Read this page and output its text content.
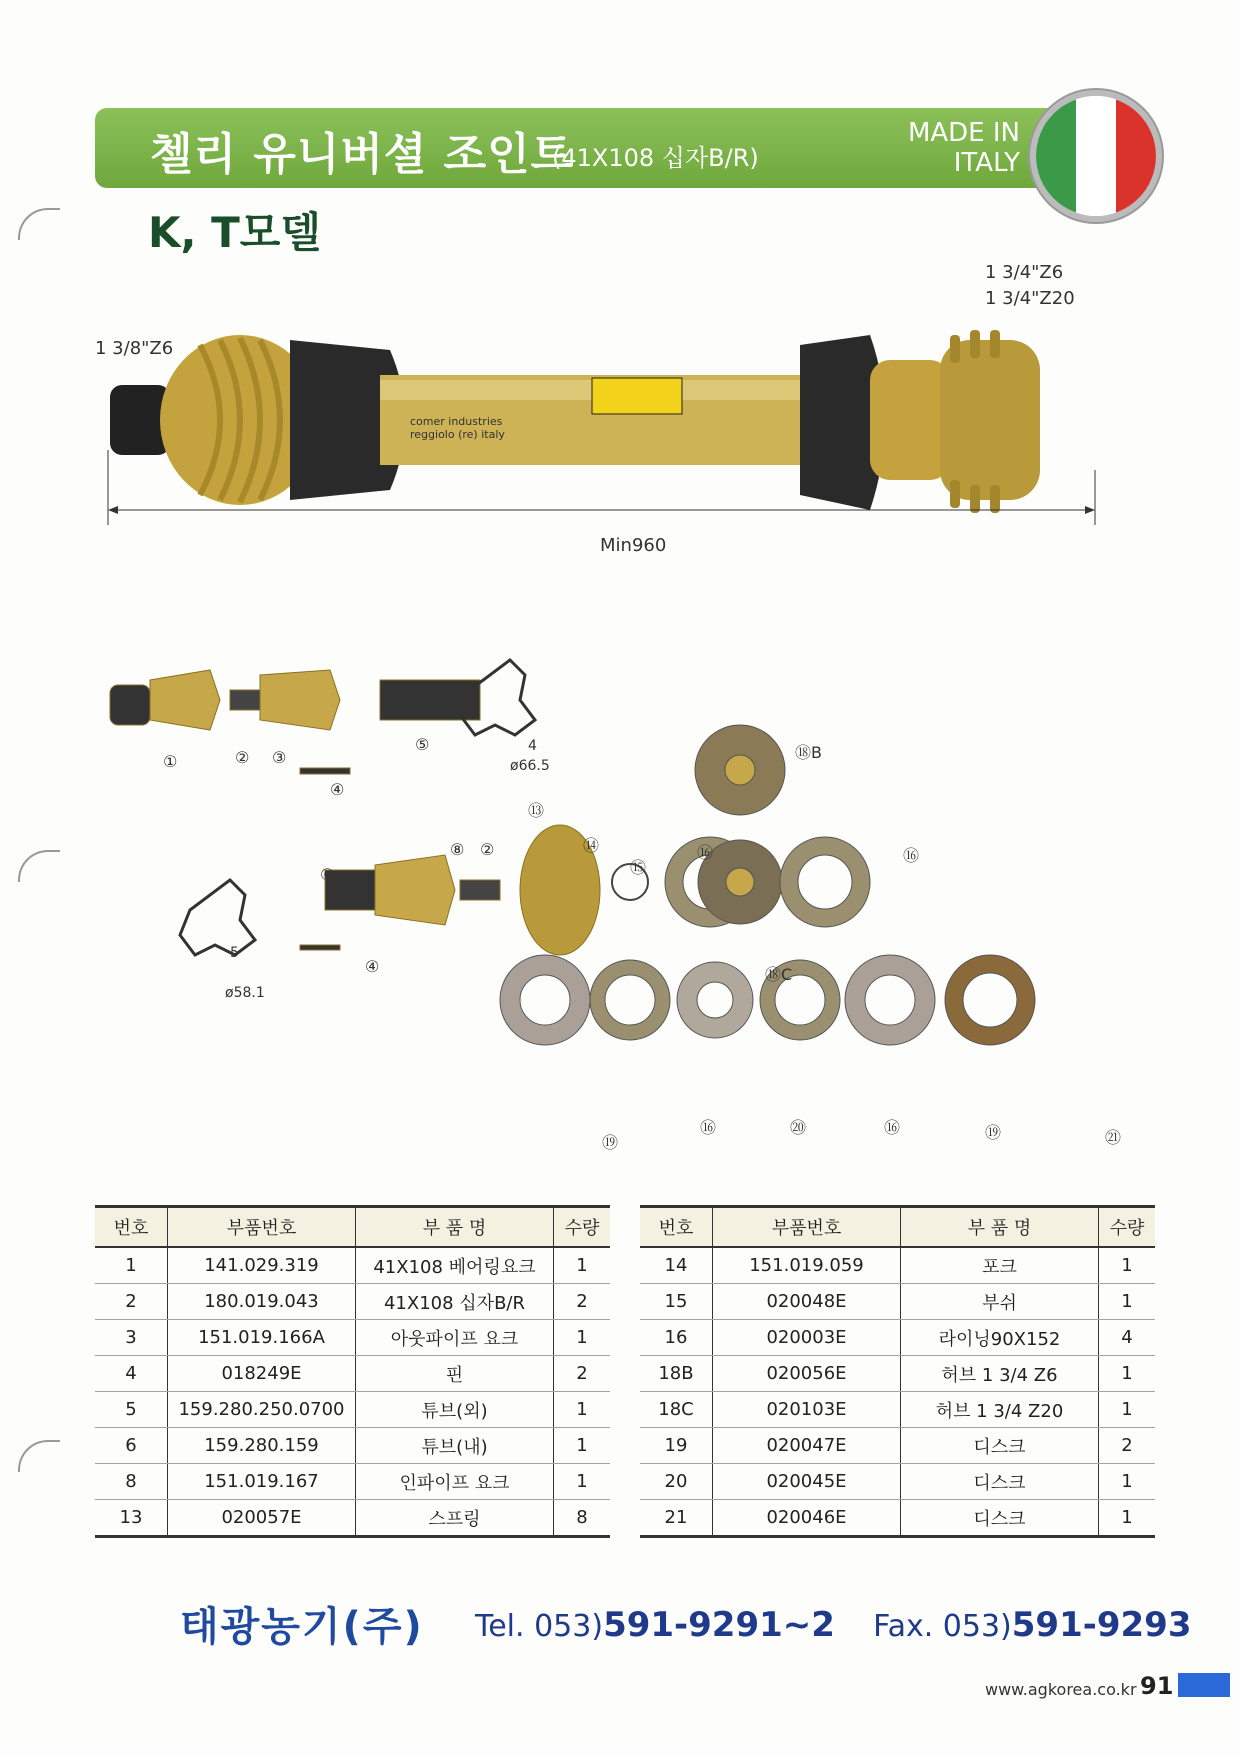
첼리 유니버셜 조인트
(41X108 십자B/R)
MADE IN
ITALY
K, T모델
1 3/8"Z6
1 3/4"Z6
1 3/4"Z20
comer industries
reggiolo (re) italy
Min960
①	② ③
④
⑤
⑥
⑧ ②
⑬
⑭
⑮
⑯	⑯
⑱B
⑱C
⑲
⑯	⑳	⑯	⑲	㉑
④
4
ø66.5
5
ø58.1
번호	부품번호	부 품 명	수량
1	141.029.319	41X108 베어링요크	1
2	180.019.043	41X108 십자B/R	2
3	151.019.166A	아웃파이프 요크	1
4	018249E	핀	2
5	159.280.250.0700	튜브(외)	1
6	159.280.159	튜브(내)	1
8	151.019.167	인파이프 요크	1
13	020057E	스프링	8
번호	부품번호	부 품 명	수량
14	151.019.059	포크	1
15	020048E	부쉬	1
16	020003E	라이닝90X152	4
18B	020056E	허브 1 3/4 Z6	1
18C	020103E	허브 1 3/4 Z20	1
19	020047E	디스크	2
20	020045E	디스크	1
21	020046E	디스크	1
태광농기(주) Tel. 053)591-9291~2 Fax. 053)591-9293
www.agkorea.co.kr 91
